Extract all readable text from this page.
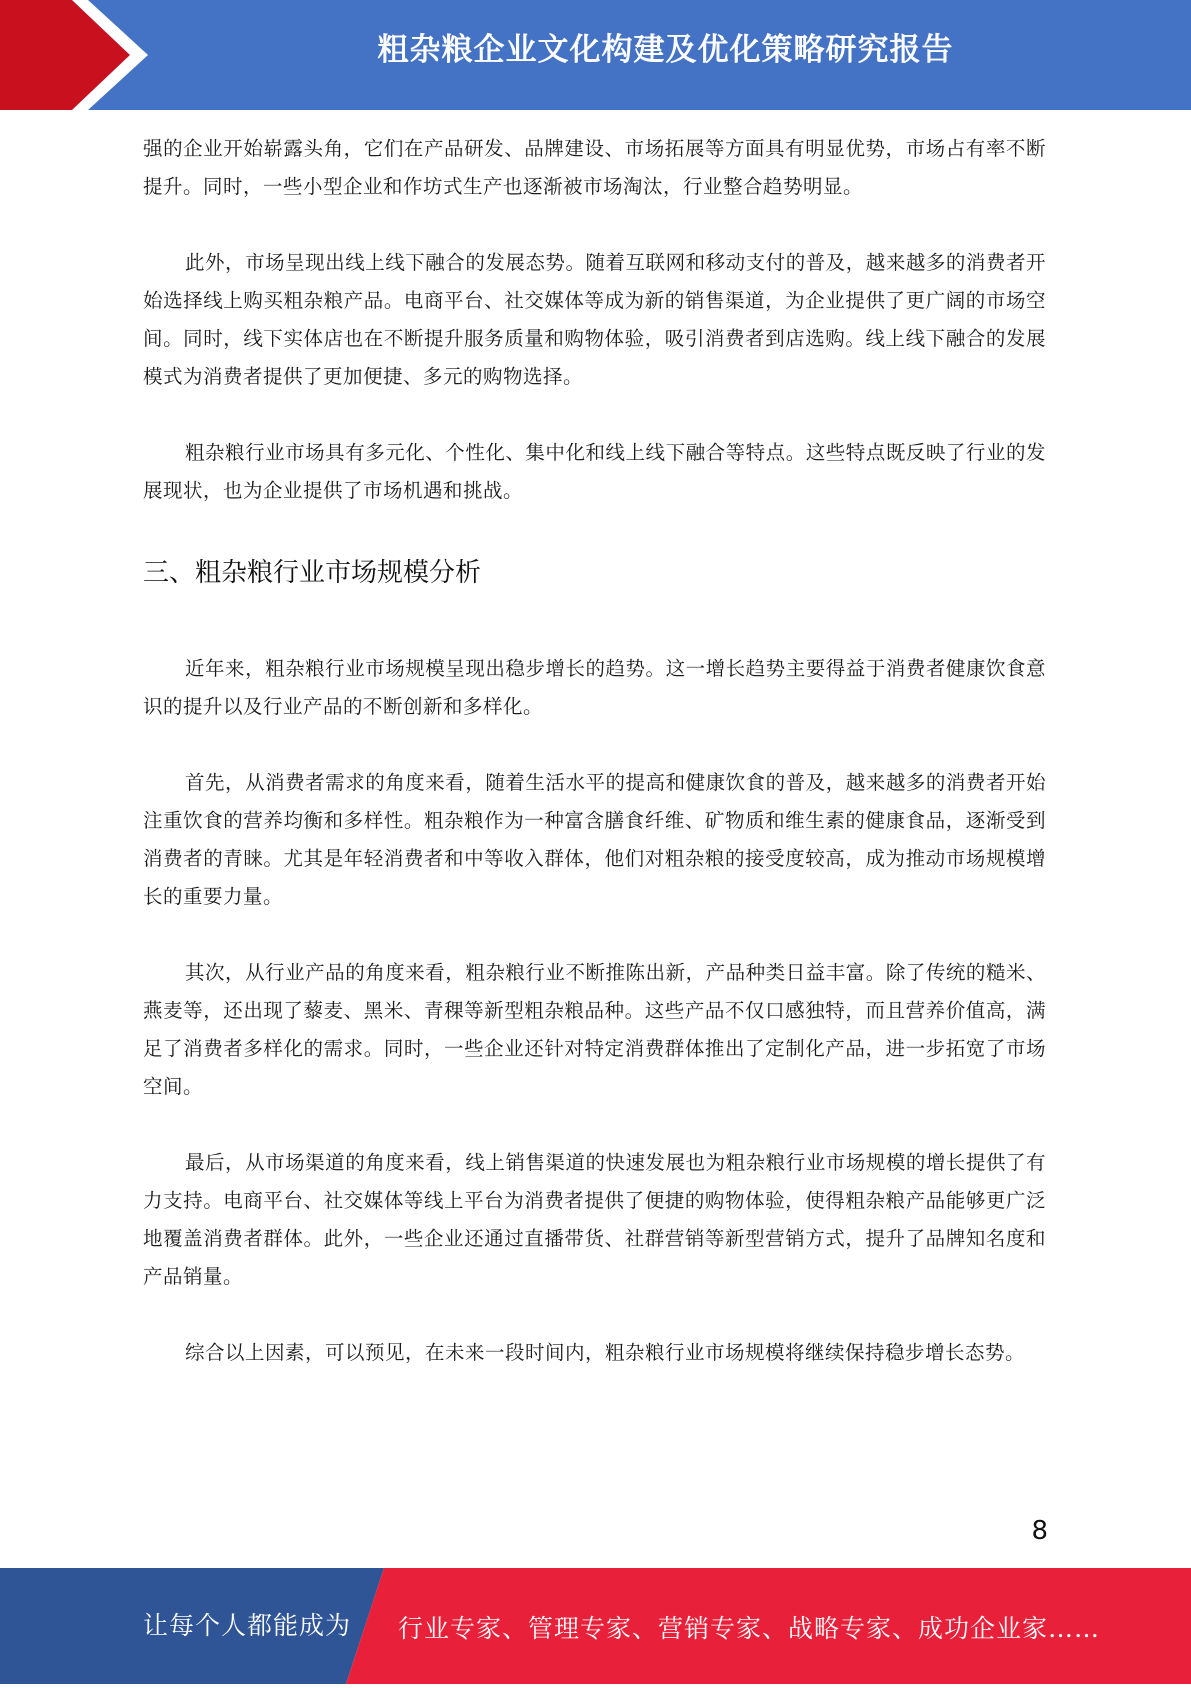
粗杂粮企业文化构建及优化策略研究报告

强的企业开始崭露头角，它们在产品研发、品牌建设、市场拓展等方面具有明显优势，市场占有率不断提升。同时，一些小型企业和作坊式生产也逐渐被市场淘汰，行业整合趋势明显。

此外，市场呈现出线上线下融合的发展态势。随着互联网和移动支付的普及，越来越多的消费者开始选择线上购买粗杂粮产品。电商平台、社交媒体等成为新的销售渠道，为企业提供了更广阔的市场空间。同时，线下实体店也在不断提升服务质量和购物体验，吸引消费者到店选购。线上线下融合的发展模式为消费者提供了更加便捷、多元的购物选择。

粗杂粮行业市场具有多元化、个性化、集中化和线上线下融合等特点。这些特点既反映了行业的发展现状，也为企业提供了市场机遇和挑战。

三、粗杂粮行业市场规模分析

近年来，粗杂粮行业市场规模呈现出稳步增长的趋势。这一增长趋势主要得益于消费者健康饮食意识的提升以及行业产品的不断创新和多样化。

首先，从消费者需求的角度来看，随着生活水平的提高和健康饮食的普及，越来越多的消费者开始注重饮食的营养均衡和多样性。粗杂粮作为一种富含膳食纤维、矿物质和维生素的健康食品，逐渐受到消费者的青睐。尤其是年轻消费者和中等收入群体，他们对粗杂粮的接受度较高，成为推动市场规模增长的重要力量。

其次，从行业产品的角度来看，粗杂粮行业不断推陈出新，产品种类日益丰富。除了传统的糙米、燕麦等，还出现了藜麦、黑米、青稞等新型粗杂粮品种。这些产品不仅口感独特，而且营养价值高，满足了消费者多样化的需求。同时，一些企业还针对特定消费群体推出了定制化产品，进一步拓宽了市场空间。

最后，从市场渠道的角度来看，线上销售渠道的快速发展也为粗杂粮行业市场规模的增长提供了有力支持。电商平台、社交媒体等线上平台为消费者提供了便捷的购物体验，使得粗杂粮产品能够更广泛地覆盖消费者群体。此外，一些企业还通过直播带货、社群营销等新型营销方式，提升了品牌知名度和产品销量。

综合以上因素，可以预见，在未来一段时间内，粗杂粮行业市场规模将继续保持稳步增长态势。

8
让每个人都能成为 行业专家、管理专家、营销专家、战略专家、成功企业家……
